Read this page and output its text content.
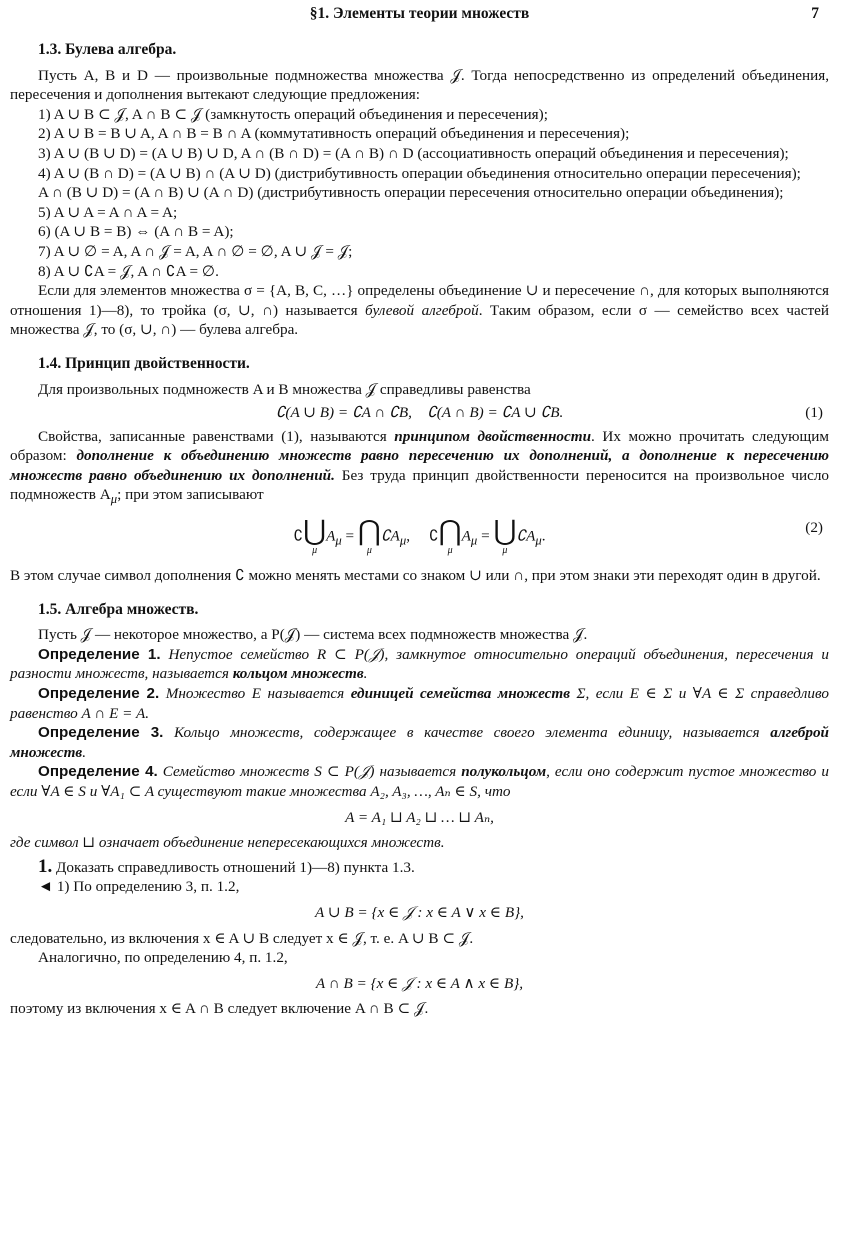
§1. Элементы теории множеств	7
1.3. Булева алгебра.

Пусть A, B и D — произвольные подмножества множества 𝒥. Тогда непосредственно из определений объединения, пересечения и дополнения вытекают следующие предложения:

1) A ∪ B ⊂ 𝒥, A ∩ B ⊂ 𝒥 (замкнутость операций объединения и пересечения);

2) A ∪ B = B ∪ A, A ∩ B = B ∩ A (коммутативность операций объединения и пересечения);

3) A ∪ (B ∪ D) = (A ∪ B) ∪ D, A ∩ (B ∩ D) = (A ∩ B) ∩ D (ассоциативность операций объединения и пересечения);

4) A ∪ (B ∩ D) = (A ∪ B) ∩ (A ∪ D) (дистрибутивность операции объединения относительно операции пересечения);

A ∩ (B ∪ D) = (A ∩ B) ∪ (A ∩ D) (дистрибутивность операции пересечения относительно операции объединения);

5) A ∪ A = A ∩ A = A;

6) (A ∪ B = B) ⇔ (A ∩ B = A);

7) A ∪ ∅ = A, A ∩ 𝒥 = A, A ∩ ∅ = ∅, A ∪ 𝒥 = 𝒥;

8) A ∪ ∁A = 𝒥, A ∩ ∁A = ∅.

Если для элементов множества σ = {A, B, C, …} определены объединение ∪ и пересечение ∩, для которых выполняются отношения 1)—8), то тройка (σ, ∪, ∩) называется булевой алгеброй. Таким образом, если σ — семейство всех частей множества 𝒥, то (σ, ∪, ∩) — булева алгебра.

1.4. Принцип двойственности.

Для произвольных подмножеств A и B множества 𝒥 справедливы равенства

∁(A ∪ B) = ∁A ∩ ∁B,    ∁(A ∩ B) = ∁A ∪ ∁B.	(1)

Свойства, записанные равенствами (1), называются принципом двойственности. Их можно прочитать следующим образом: дополнение к объединению множеств равно пересечению их дополнений, а дополнение к пересечению множеств равно объединению их дополнений. Без труда принцип двойственности переносится на произвольное число подмножеств $A_\mu$; при этом записывают

∁ ⋃
μ
$A_\mu$ = ⋂
μ
$∁A_\mu$,     ∁ ⋂
μ
$A_\mu$ = ⋃
μ
$∁A_\mu$.	(2)

В этом случае символ дополнения ∁ можно менять местами со знаком ∪ или ∩, при этом знаки эти переходят один в другой.

1.5. Алгебра множеств.

Пусть 𝒥 — некоторое множество, а P(𝒥) — система всех подмножеств множества 𝒥.

Определение 1. Непустое семейство R ⊂ P(𝒥), замкнутое относительно операций объединения, пересечения и разности множеств, называется кольцом множеств.

Определение 2. Множество E называется единицей семейства множеств Σ, если E ∈ Σ и ∀A ∈ Σ справедливо равенство A ∩ E = A.

Определение 3. Кольцо множеств, содержащее в качестве своего элемента единицу, называется алгеброй множеств.

Определение 4. Семейство множеств S ⊂ P(𝒥) называется полукольцом, если оно содержит пустое множество и если ∀A ∈ S и ∀A₁ ⊂ A существуют такие множества A₂, A₃, …, Aₙ ∈ S, что

A = A₁ ⊔ A₂ ⊔ … ⊔ Aₙ,

где символ ⊔ означает объединение непересекающихся множеств.

1. Доказать справедливость отношений 1)—8) пункта 1.3.

◄ 1) По определению 3, п. 1.2,

A ∪ B = {x ∈ 𝒥 : x ∈ A ∨ x ∈ B},

следовательно, из включения x ∈ A ∪ B следует x ∈ 𝒥, т. е. A ∪ B ⊂ 𝒥.

Аналогично, по определению 4, п. 1.2,

A ∩ B = {x ∈ 𝒥 : x ∈ A ∧ x ∈ B},

поэтому из включения x ∈ A ∩ B следует включение A ∩ B ⊂ 𝒥.
